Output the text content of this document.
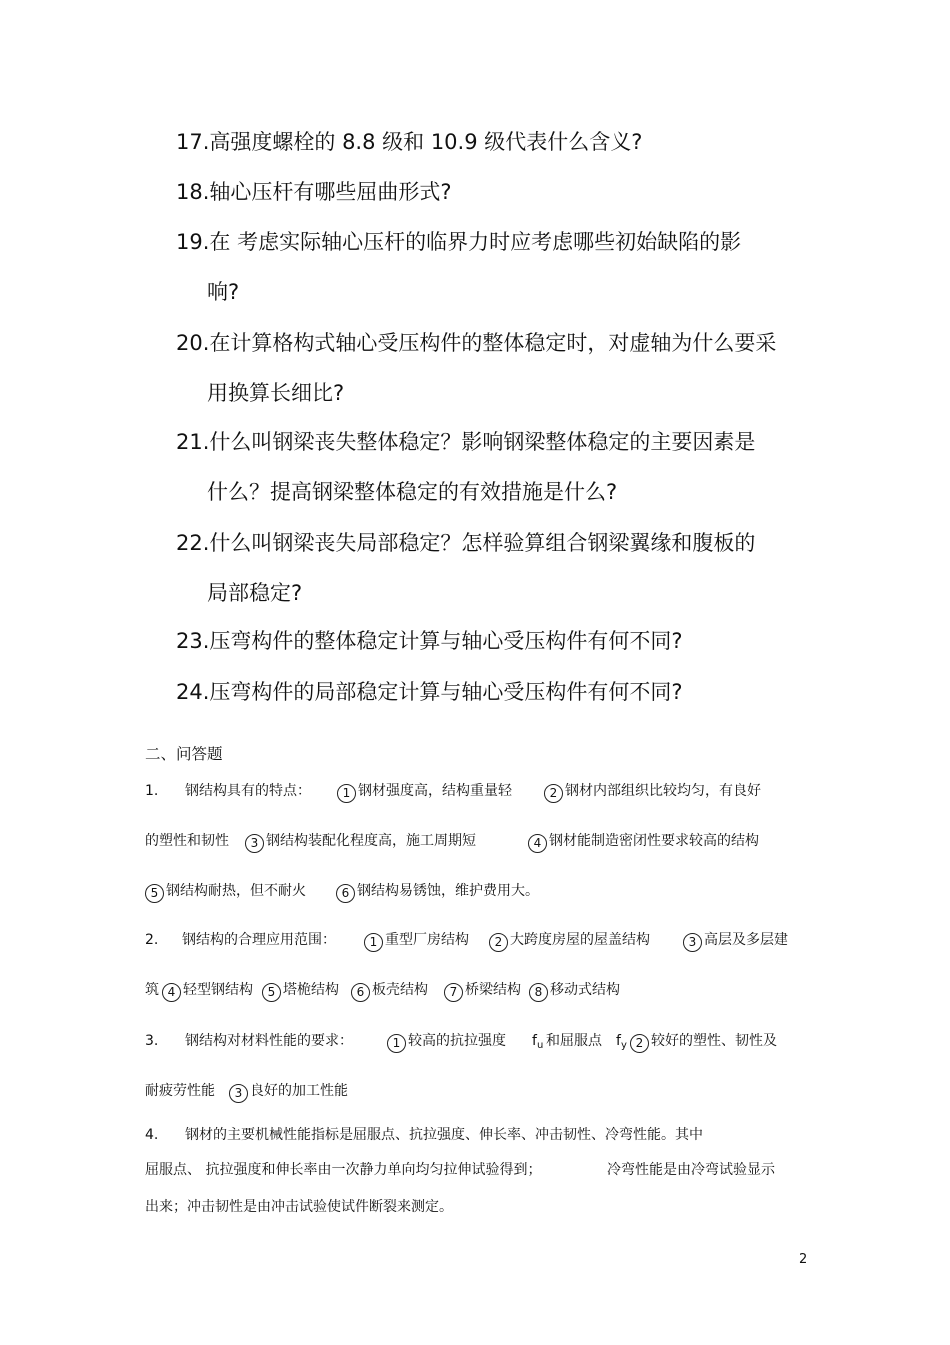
17.高强度螺栓的 8.8 级和 10.9 级代表什么含义?
18.轴心压杆有哪些屈曲形式?
19.在 考虑实际轴心压杆的临界力时应考虑哪些初始缺陷的影
响?
20.在计算格构式轴心受压构件的整体稳定时，对虚轴为什么要采
用换算长细比?
21.什么叫钢梁丧失整体稳定？影响钢梁整体稳定的主要因素是
什么？提高钢梁整体稳定的有效措施是什么?
22.什么叫钢梁丧失局部稳定？怎样验算组合钢梁翼缘和腹板的
局部稳定?
23.压弯构件的整体稳定计算与轴心受压构件有何不同?
24.压弯构件的局部稳定计算与轴心受压构件有何不同?
二、问答题
1. 钢结构具有的特点：	1 钢材强度高，结构重量轻	2 钢材内部组织比较均匀，有良好
的塑性和韧性 3 钢结构装配化程度高，施工周期短	4 钢材能制造密闭性要求较高的结构
5 钢结构耐热，但不耐火	6 钢结构易锈蚀，维护费用大。
2. 钢结构的合理应用范围：	1 重型厂房结构 2 大跨度房屋的屋盖结构	3 高层及多层建
筑 4 轻型钢结构 5 塔桅结构 6 板壳结构 7 桥梁结构 8 移动式结构
3. 钢结构对材料性能的要求：	1 较高的抗拉强度 fu 和屈服点 fy 2 较好的塑性、韧性及
耐疲劳性能 3 良好的加工性能
4. 钢材的主要机械性能指标是屈服点、抗拉强度、伸长率、冲击韧性、冷弯性能。其中
屈服点、 抗拉强度和伸长率由一次静力单向均匀拉伸试验得到；	冷弯性能是由冷弯试验显示
出来；冲击韧性是由冲击试验使试件断裂来测定。
2
